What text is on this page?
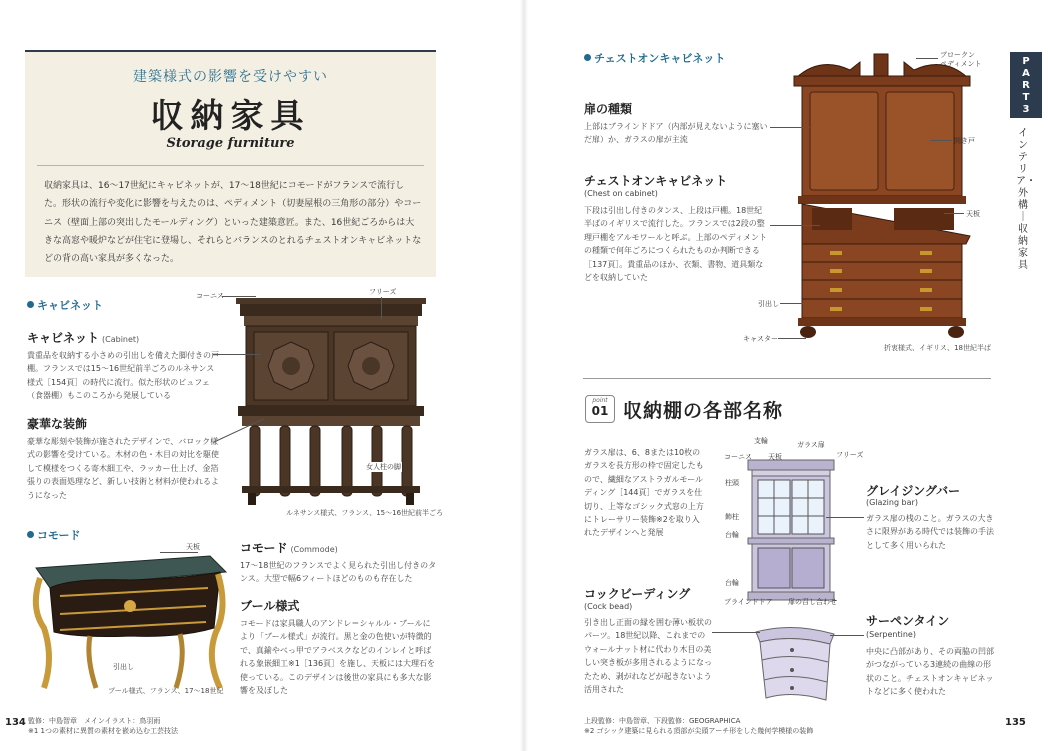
建築様式の影響を受けやすい
収納家具
Storage furniture
収納家具は、16〜17世紀にキャビネットが、17〜18世紀にコモードがフランスで流行した。形状の流行や変化に影響を与えたのは、ペディメント（切妻屋根の三角形の部分）やコーニス（壁面上部の突出したモールディング）といった建築意匠。また、16世紀ごろからは大きな高窓や暖炉などが住宅に登場し、それらとバランスのとれるチェストオンキャビネットなどの背の高い家具が多くなった。
キャビネット
キャビネット (Cabinet)
貴重品を収納する小さめの引出しを備えた脚付きの戸棚。フランスでは15〜16世紀前半ごろのルネサンス様式［154頁］の時代に流行。似た形状のビュフェ（食器棚）もこのころから発展している
豪華な装飾
豪華な彫刻や装飾が施されたデザインで、バロック様式の影響を受けている。木材の色・木目の対比を駆使して模様をつくる寄木細工や、ラッカー仕上げ、金箔張りの表面処理など、新しい技術と材料が使われるようになった
コーニス	フリーズ
女人柱の脚
ルネサンス様式、フランス、15〜16世紀前半ごろ
コモード
天板
引出し
ブール様式、フランス、17〜18世紀
コモード (Commode)
17〜18世紀のフランスでよく見られた引出し付きのタンス。大型で幅6フィートほどのものも存在した
ブール様式
コモードは家具職人のアンドレ＝シャルル・ブールにより「ブール様式」が流行。黒と金の色使いが特徴的で、真鍮やべっ甲でアラベスクなどのインレイと呼ばれる象嵌細工※1［136頁］を施し、天板には大理石を使っている。このデザインは後世の家具にも多大な影響を及ぼした
134 監修：中島智章　メインイラスト：鳥羽雨
※1 1つの素材に異質の素材を嵌め込む工芸技法
チェストオンキャビネット
扉の種類
上部はブラインドドア（内部が見えないように塞いだ扉）か、ガラスの扉が主流
チェストオンキャビネット
(Chest on cabinet)
下段は引出し付きのタンス、上段は戸棚。18世紀半ばのイギリスで流行した。フランスでは2段の整理戸棚をアルモワールと呼ぶ。上部のペディメントの種類で何年ごろにつくられたものか判断できる［137頁］。貴重品のほか、衣類、書物、道具類などを収納していた
ブロークン
ペディメント
開き戸
天板
引出し
キャスター
折衷様式、イギリス、18世紀半ば
point
01 収納棚の各部名称
ガラス扉は、6、8または10枚のガラスを長方形の枠で固定したもので、繊細なアストラガルモールディング［144頁］でガラスを仕切り、上等なゴシック式窓の上方にトレーサリー装飾※2を取り入れたデザインへと発展
支輪	ガラス扉
コーニス 天板	フリーズ
柱頭
飾柱
台輪
台輪
ブラインドドア 扉の召し合わせ
グレイジングバー
(Glazing bar)
ガラス扉の桟のこと。ガラスの大きさに限界がある時代では装飾の手法として多く用いられた
コックビーディング
(Cock bead)
引き出し正面の縁を囲む薄い板状のパーツ。18世紀以降、これまでのウォールナット材に代わり木目の美しい突き板が多用されるようになったため、剥がれなどが起きないよう活用された
サーペンタイン
(Serpentine)
中央に凸部があり、その両脇の凹部がつながっている3連続の曲線の形状のこと。チェストオンキャビネットなどに多く使われた
上段監修：中島智章、下段監修：GEOGRAPHICA
※2 ゴシック建築に見られる頂部が尖頭アーチ形をした幾何学模様の装飾
135
PART 3
インテリア・外構｜収納家具
